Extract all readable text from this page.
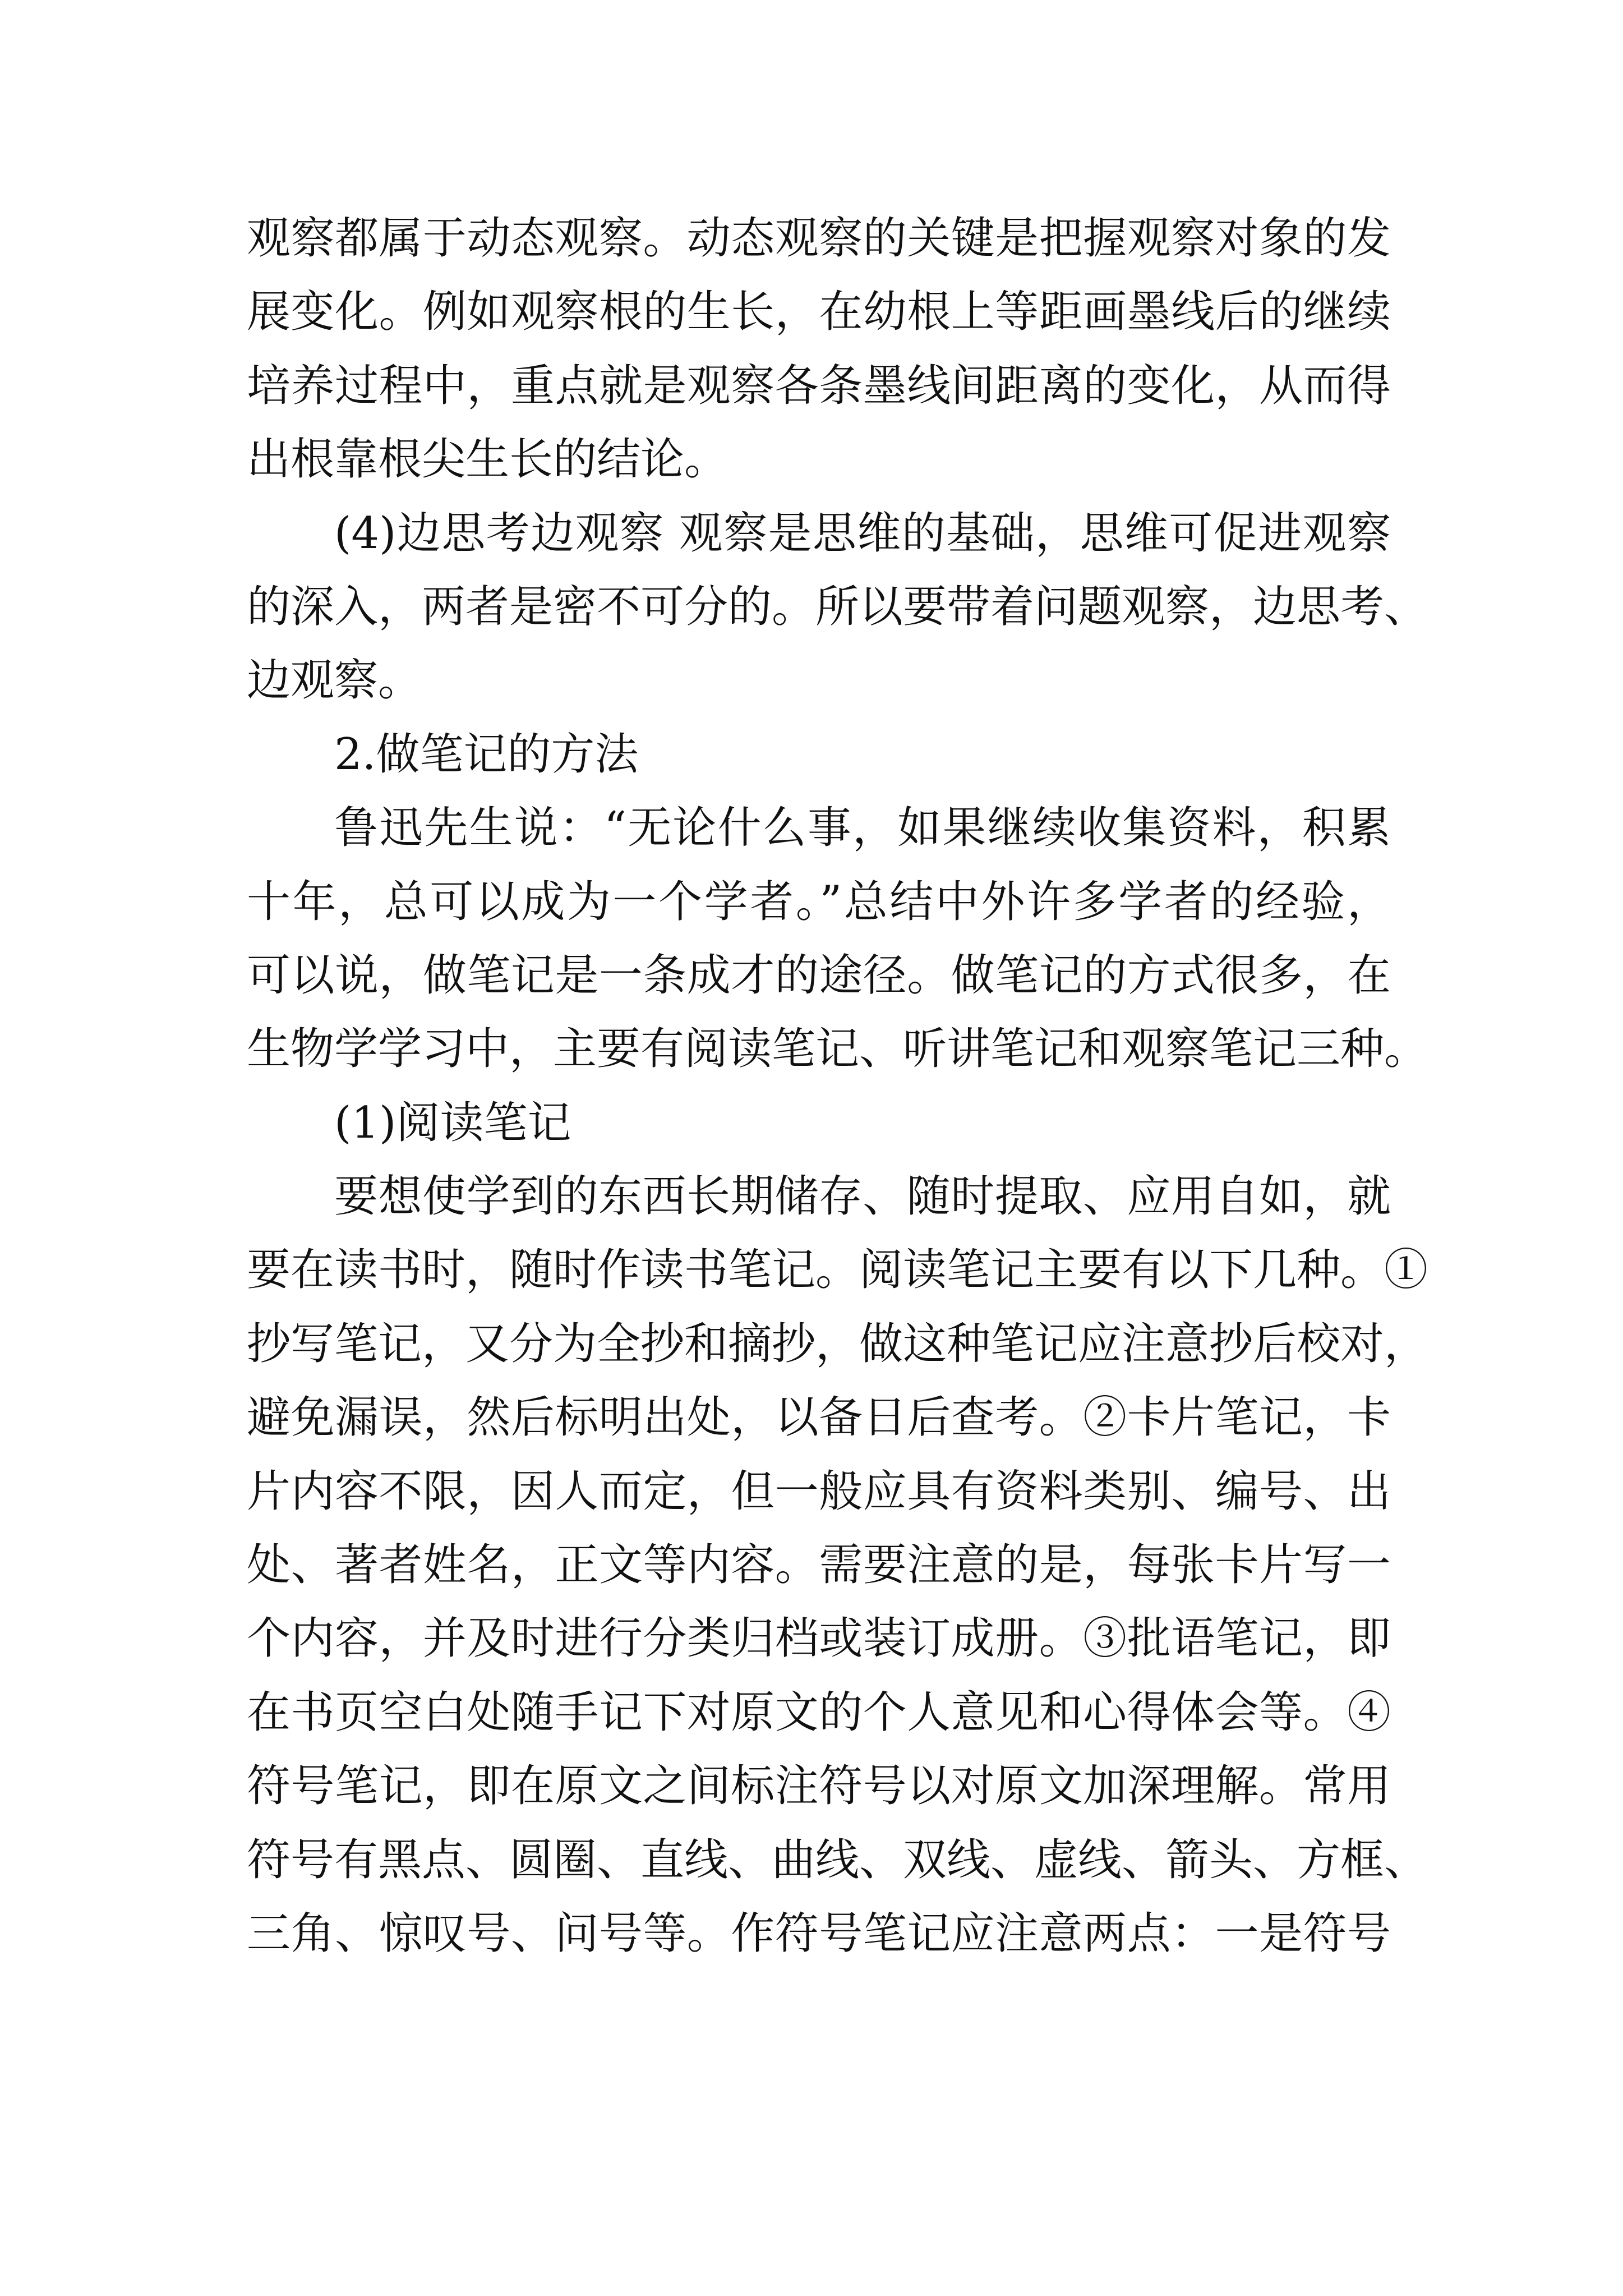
观察都属于动态观察。动态观察的关键是把握观察对象的发
展变化。例如观察根的生长，在幼根上等距画墨线后的继续
培养过程中，重点就是观察各条墨线间距离的变化，从而得
出根靠根尖生长的结论。
(4)边思考边观察 观察是思维的基础，思维可促进观察
的深入，两者是密不可分的。所以要带着问题观察，边思考、
边观察。
2.做笔记的方法
鲁迅先生说：“无论什么事，如果继续收集资料，积累
十年，总可以成为一个学者。”总结中外许多学者的经验，
可以说，做笔记是一条成才的途径。做笔记的方式很多，在
生物学学习中，主要有阅读笔记、听讲笔记和观察笔记三种。
(1)阅读笔记
要想使学到的东西长期储存、随时提取、应用自如，就
要在读书时，随时作读书笔记。阅读笔记主要有以下几种。①
抄写笔记，又分为全抄和摘抄，做这种笔记应注意抄后校对，
避免漏误，然后标明出处，以备日后查考。②卡片笔记，卡
片内容不限，因人而定，但一般应具有资料类别、编号、出
处、著者姓名，正文等内容。需要注意的是，每张卡片写一
个内容，并及时进行分类归档或装订成册。③批语笔记，即
在书页空白处随手记下对原文的个人意见和心得体会等。④
符号笔记，即在原文之间标注符号以对原文加深理解。常用
符号有黑点、圆圈、直线、曲线、双线、虚线、箭头、方框、
三角、惊叹号、问号等。作符号笔记应注意两点：一是符号
